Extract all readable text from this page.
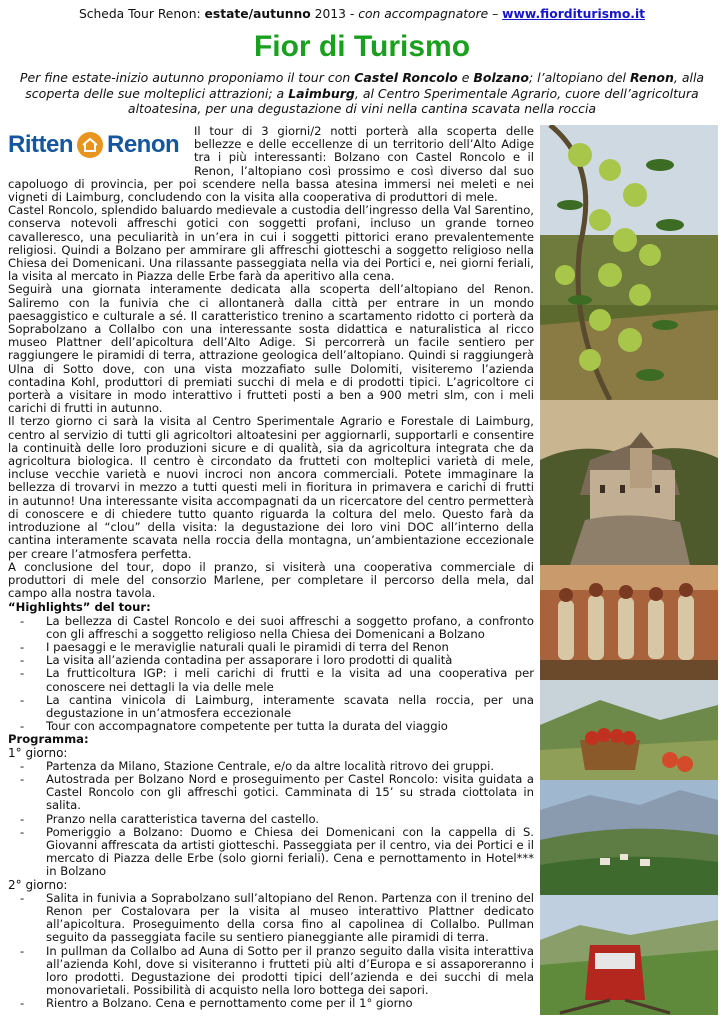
Scheda Tour Renon: estate/autunno 2013 - con accompagnatore – www.fiorditurismo.it
Fior di Turismo
Per fine estate-inizio autunno proponiamo il tour con Castel Roncolo e Bolzano; l’altopiano del Renon, alla scoperta delle sue molteplici attrazioni; a Laimburg, al Centro Sperimentale Agrario, cuore dell’agricoltura altoatesina, per una degustazione di vini nella cantina scavata nella roccia
Ritten Renon

Il tour di 3 giorni/2 notti porterà alla scoperta delle bellezze e delle eccellenze di un territorio dell’Alto Adige tra i più interessanti: Bolzano con Castel Roncolo e il Renon, l’altopiano così prossimo e così diverso dal suo capoluogo di provincia, per poi scendere nella bassa atesina immersi nei meleti e nei vigneti di Laimburg, concludendo con la visita alla cooperativa di produttori di mele.

Castel Roncolo, splendido baluardo medievale a custodia dell’ingresso della Val Sarentino, conserva notevoli affreschi gotici con soggetti profani, incluso un grande torneo cavalleresco, una peculiarità in un’era in cui i soggetti pittorici erano prevalentemente religiosi. Quindi a Bolzano per ammirare gli affreschi giotteschi a soggetto religioso nella Chiesa dei Domenicani. Una rilassante passeggiata nella via dei Portici e, nei giorni feriali, la visita al mercato in Piazza delle Erbe farà da aperitivo alla cena.

Seguirà una giornata interamente dedicata alla scoperta dell’altopiano del Renon. Saliremo con la funivia che ci allontanerà dalla città per entrare in un mondo paesaggistico e culturale a sé. Il caratteristico trenino a scartamento ridotto ci porterà da Soprabolzano a Collalbo con una interessante sosta didattica e naturalistica al ricco museo Plattner dell’apicoltura dell’Alto Adige. Si percorrerà un facile sentiero per raggiungere le piramidi di terra, attrazione geologica dell’altopiano. Quindi si raggiungerà Ulna di Sotto dove, con una vista mozzafiato sulle Dolomiti, visiteremo l’azienda contadina Kohl, produttori di premiati succhi di mela e di prodotti tipici. L’agricoltore ci porterà a visitare in modo interattivo i frutteti posti a ben a 900 metri slm, con i meli carichi di frutti in autunno.

Il terzo giorno ci sarà la visita al Centro Sperimentale Agrario e Forestale di Laimburg, centro al servizio di tutti gli agricoltori altoatesini per aggiornarli, supportarli e consentire la continuità delle loro produzioni sicure e di qualità, sia da agricoltura integrata che da agricoltura biologica. Il centro è circondato da frutteti con molteplici varietà di mele, incluse vecchie varietà e nuovi incroci non ancora commerciali. Potete immaginare la bellezza di trovarvi in mezzo a tutti questi meli in fioritura in primavera e carichi di frutti in autunno! Una interessante visita accompagnati da un ricercatore del centro permetterà di conoscere e di chiedere tutto quanto riguarda la coltura del melo. Questo farà da introduzione al “clou” della visita: la degustazione dei loro vini DOC all’interno della cantina interamente scavata nella roccia della montagna, un’ambientazione eccezionale per creare l’atmosfera perfetta.

A conclusione del tour, dopo il pranzo, si visiterà una cooperativa commerciale di produttori di mele del consorzio Marlene, per completare il percorso della mela, dal campo alla nostra tavola.

“Highlights” del tour:
- La bellezza di Castel Roncolo e dei suoi affreschi a soggetto profano, a confronto con gli affreschi a soggetto religioso nella Chiesa dei Domenicani a Bolzano
- I paesaggi e le meraviglie naturali quali le piramidi di terra del Renon
- La visita all’azienda contadina per assaporare i loro prodotti di qualità
- La frutticoltura IGP: i meli carichi di frutti e la visita ad una cooperativa per conoscere nei dettagli la via delle mele
- La cantina vinicola di Laimburg, interamente scavata nella roccia, per una degustazione in un’atmosfera eccezionale
- Tour con accompagnatore competente per tutta la durata del viaggio
Programma:
1° giorno:
- Partenza da Milano, Stazione Centrale, e/o da altre località ritrovo dei gruppi.
- Autostrada per Bolzano Nord e proseguimento per Castel Roncolo: visita guidata a Castel Roncolo con gli affreschi gotici. Camminata di 15’ su strada ciottolata in salita.
- Pranzo nella caratteristica taverna del castello.
- Pomeriggio a Bolzano: Duomo e Chiesa dei Domenicani con la cappella di S. Giovanni affrescata da artisti giotteschi. Passeggiata per il centro, via dei Portici e il mercato di Piazza delle Erbe (solo giorni feriali). Cena e pernottamento in Hotel*** in Bolzano
2° giorno:
- Salita in funivia a Soprabolzano sull’altopiano del Renon. Partenza con il trenino del Renon per Costalovara per la visita al museo interattivo Plattner dedicato all’apicoltura. Proseguimento della corsa fino al capolinea di Collalbo. Pullman seguito da passeggiata facile su sentiero pianeggiante alle piramidi di terra.
- In pullman da Collalbo ad Auna di Sotto per il pranzo seguito dalla visita interattiva all’azienda Kohl, dove si visiteranno i frutteti più alti d’Europa e si assaporeranno i loro prodotti. Degustazione dei prodotti tipici dell’azienda e dei succhi di mela monovarietali. Possibilità di acquisto nella loro bottega dei sapori.
- Rientro a Bolzano. Cena e pernottamento come per il 1° giorno
